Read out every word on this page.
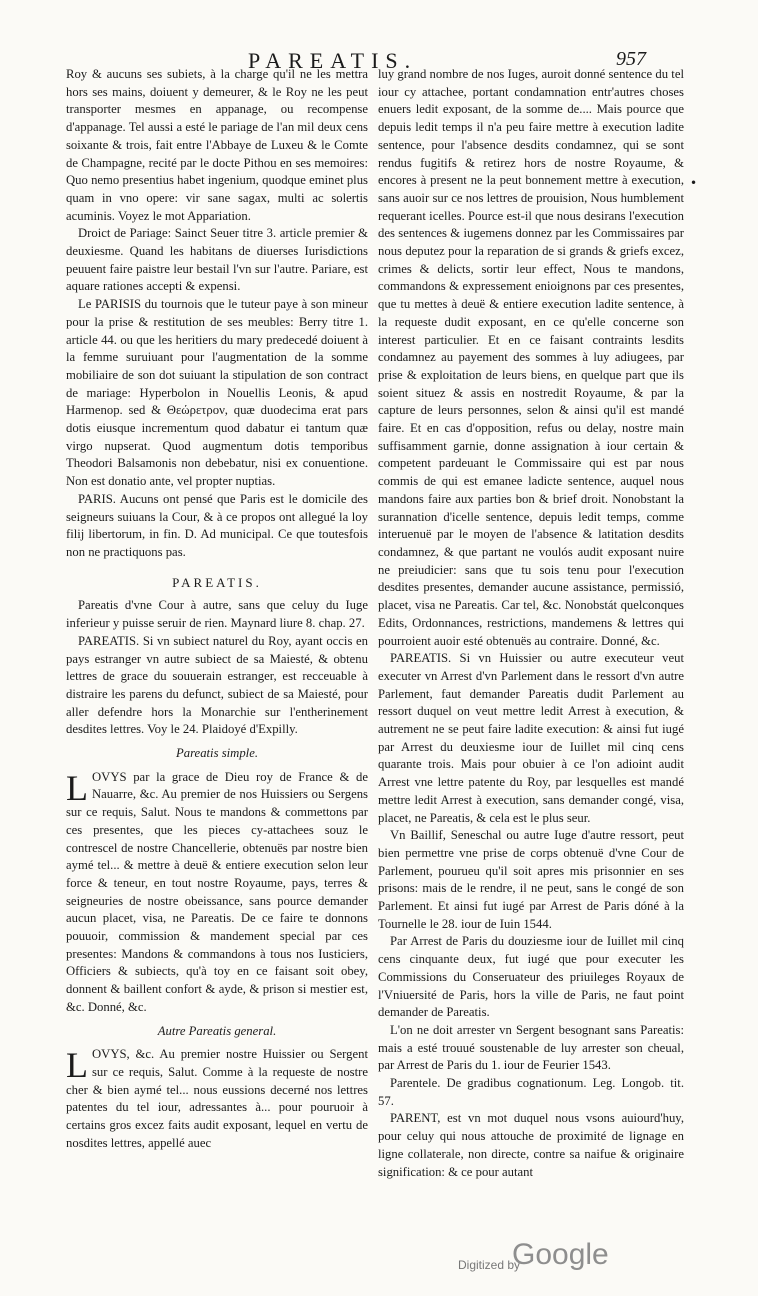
PAREATIS.	957

Roy & aucuns ses subiets, à la charge qu'il ne les mettra hors ses mains, doiuent y demeurer, & le Roy ne les peut transporter mesmes en appanage, ou recompense d'appanage. Tel aussi a esté le pariage de l'an mil deux cens soixante & trois, fait entre l'Abbaye de Luxeu & le Comte de Champagne, recité par le docte Pithou en ses memoires: Quo nemo presentius habet ingenium, quodque eminet plus quam in vno opere: vir sane sagax, multi ac solertis acuminis. Voyez le mot Appariation.

Droict de Pariage: Sainct Seuer titre 3. article premier & deuxiesme. Quand les habitans de diuerses Iurisdictions peuuent faire paistre leur bestail l'vn sur l'autre. Pariare, est aquare rationes accepti & expensi.

Le PARISIS du tournois que le tuteur paye à son mineur pour la prise & restitution de ses meubles: Berry titre 1. article 44. ou que les heritiers du mary predecedé doiuent à la femme suruiuant pour l'augmentation de la somme mobiliaire de son dot suiuant la stipulation de son contract de mariage: Hyperbolon in Nouellis Leonis, & apud Harmenop. sed & Θεώρετρον, quæ duodecima erat pars dotis eiusque incrementum quod dabatur ei tantum quæ virgo nupserat. Quod augmentum dotis temporibus Theodori Balsamonis non debebatur, nisi ex conuentione. Non est donatio ante, vel propter nuptias.

PARIS. Aucuns ont pensé que Paris est le domicile des seigneurs suiuans la Cour, & à ce propos ont allegué la loy filij libertorum, in fin. D. Ad municipal. Ce que toutesfois non ne practiquons pas.

PAREATIS.

Pareatis d'vne Cour à autre, sans que celuy du Iuge inferieur y puisse seruir de rien. Maynard liure 8. chap. 27.

PAREATIS. Si vn subiect naturel du Roy, ayant occis en pays estranger vn autre subiect de sa Maiesté, & obtenu lettres de grace du souuerain estranger, est recceuable à distraire les parens du defunct, subiect de sa Maiesté, pour aller defendre hors la Monarchie sur l'entherinement desdites lettres. Voy le 24. Plaidoyé d'Expilly.

Pareatis simple.

LOVYS par la grace de Dieu roy de France & de Nauarre, &c. Au premier de nos Huissiers ou Sergens sur ce requis, Salut. Nous te mandons & commettons par ces presentes, que les pieces cy-attachees souz le contrescel de nostre Chancellerie, obtenuës par nostre bien aymé tel... & mettre à deuë & entiere execution selon leur force & teneur, en tout nostre Royaume, pays, terres & seigneuries de nostre obeissance, sans pource demander aucun placet, visa, ne Pareatis. De ce faire te donnons pouuoir, commission & mandement special par ces presentes: Mandons & commandons à tous nos Iusticiers, Officiers & subiects, qu'à toy en ce faisant soit obey, donnent & baillent confort & ayde, & prison si mestier est, &c. Donné, &c.

Autre Pareatis general.

LOVYS, &c. Au premier nostre Huissier ou Sergent sur ce requis, Salut. Comme à la requeste de nostre cher & bien aymé tel... nous eussions decerné nos lettres patentes du tel iour, adressantes à... pour pouruoir à certains gros excez faits audit exposant, lequel en vertu de nosdites lettres, appellé auec

luy grand nombre de nos Iuges, auroit donné sentence du tel iour cy attachee, portant condamnation entr'autres choses enuers ledit exposant, de la somme de.... Mais pource que depuis ledit temps il n'a peu faire mettre à execution ladite sentence, pour l'absence desdits condamnez, qui se sont rendus fugitifs & retirez hors de nostre Royaume, & encores à present ne la peut bonnement mettre à execution, sans auoir sur ce nos lettres de prouision, Nous humblement requerant icelles. Pource est-il que nous desirans l'execution des sentences & iugemens donnez par les Commissaires par nous deputez pour la reparation de si grands & griefs excez, crimes & delicts, sortir leur effect, Nous te mandons, commandons & expressement enioignons par ces presentes, que tu mettes à deuë & entiere execution ladite sentence, à la requeste dudit exposant, en ce qu'elle concerne son interest particulier. Et en ce faisant contraints lesdits condamnez au payement des sommes à luy adiugees, par prise & exploitation de leurs biens, en quelque part que ils soient situez & assis en nostredit Royaume, & par la capture de leurs personnes, selon & ainsi qu'il est mandé faire. Et en cas d'opposition, refus ou delay, nostre main suffisamment garnie, donne assignation à iour certain & competent pardeuant le Commissaire qui est par nous commis de qui est emanee ladicte sentence, auquel nous mandons faire aux parties bon & brief droit. Nonobstant la surannation d'icelle sentence, depuis ledit temps, comme interuenuë par le moyen de l'absence & latitation desdits condamnez, & que partant ne voulós audit exposant nuire ne preiudicier: sans que tu sois tenu pour l'execution desdites presentes, demander aucune assistance, permissió, placet, visa ne Pareatis. Car tel, &c. Nonobstát quelconques Edits, Ordonnances, restrictions, mandemens & lettres qui pourroient auoir esté obtenuës au contraire. Donné, &c.

PAREATIS. Si vn Huissier ou autre executeur veut executer vn Arrest d'vn Parlement dans le ressort d'vn autre Parlement, faut demander Pareatis dudit Parlement au ressort duquel on veut mettre ledit Arrest à execution, & autrement ne se peut faire ladite execution: & ainsi fut iugé par Arrest du deuxiesme iour de Iuillet mil cinq cens quarante trois. Mais pour obuier à ce l'on adioint audit Arrest vne lettre patente du Roy, par lesquelles est mandé mettre ledit Arrest à execution, sans demander congé, visa, placet, ne Pareatis, & cela est le plus seur.

Vn Baillif, Seneschal ou autre Iuge d'autre ressort, peut bien permettre vne prise de corps obtenuë d'vne Cour de Parlement, pourueu qu'il soit apres mis prisonnier en ses prisons: mais de le rendre, il ne peut, sans le congé de son Parlement. Et ainsi fut iugé par Arrest de Paris dóné à la Tournelle le 28. iour de Iuin 1544.

Par Arrest de Paris du douziesme iour de Iuillet mil cinq cens cinquante deux, fut iugé que pour executer les Commissions du Conseruateur des priuileges Royaux de l'Vniuersité de Paris, hors la ville de Paris, ne faut point demander de Pareatis.

L'on ne doit arrester vn Sergent besognant sans Pareatis: mais a esté trouué soustenable de luy arrester son cheual, par Arrest de Paris du 1. iour de Feurier 1543.

Parentele. De gradibus cognationum. Leg. Longob. tit. 57.

PARENT, est vn mot duquel nous vsons auiourd'huy, pour celuy qui nous attouche de proximité de lignage en ligne collaterale, non directe, contre sa naifue & originaire signification: & ce pour autant

•
Digitized by
Google
